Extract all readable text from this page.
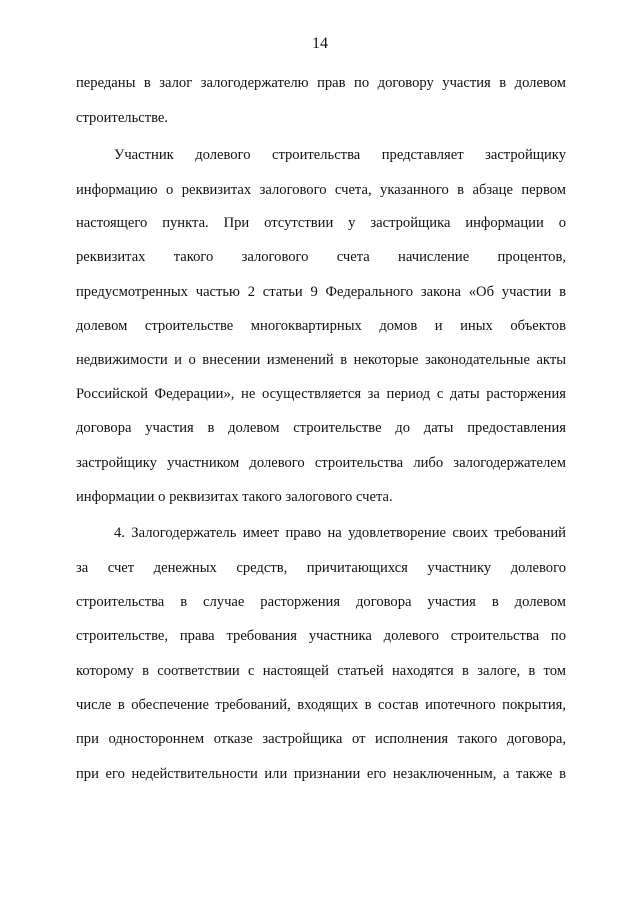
14
переданы в залог залогодержателю прав по договору участия в долевом
строительстве.
Участник долевого строительства представляет застройщику
информацию о реквизитах залогового счета, указанного в абзаце первом
настоящего пункта. При отсутствии у застройщика информации о
реквизитах такого залогового счета начисление процентов,
предусмотренных частью 2 статьи 9 Федерального закона «Об участии в
долевом строительстве многоквартирных домов и иных объектов
недвижимости и о внесении изменений в некоторые законодательные акты
Российской Федерации», не осуществляется за период с даты расторжения
договора участия в долевом строительстве до даты предоставления
застройщику участником долевого строительства либо залогодержателем
информации о реквизитах такого залогового счета.
4. Залогодержатель имеет право на удовлетворение своих требований
за счет денежных средств, причитающихся участнику долевого
строительства в случае расторжения договора участия в долевом
строительстве, права требования участника долевого строительства по
которому в соответствии с настоящей статьей находятся в залоге, в том
числе в обеспечение требований, входящих в состав ипотечного покрытия,
при одностороннем отказе застройщика от исполнения такого договора,
при его недействительности или признании его незаключенным, а также в
